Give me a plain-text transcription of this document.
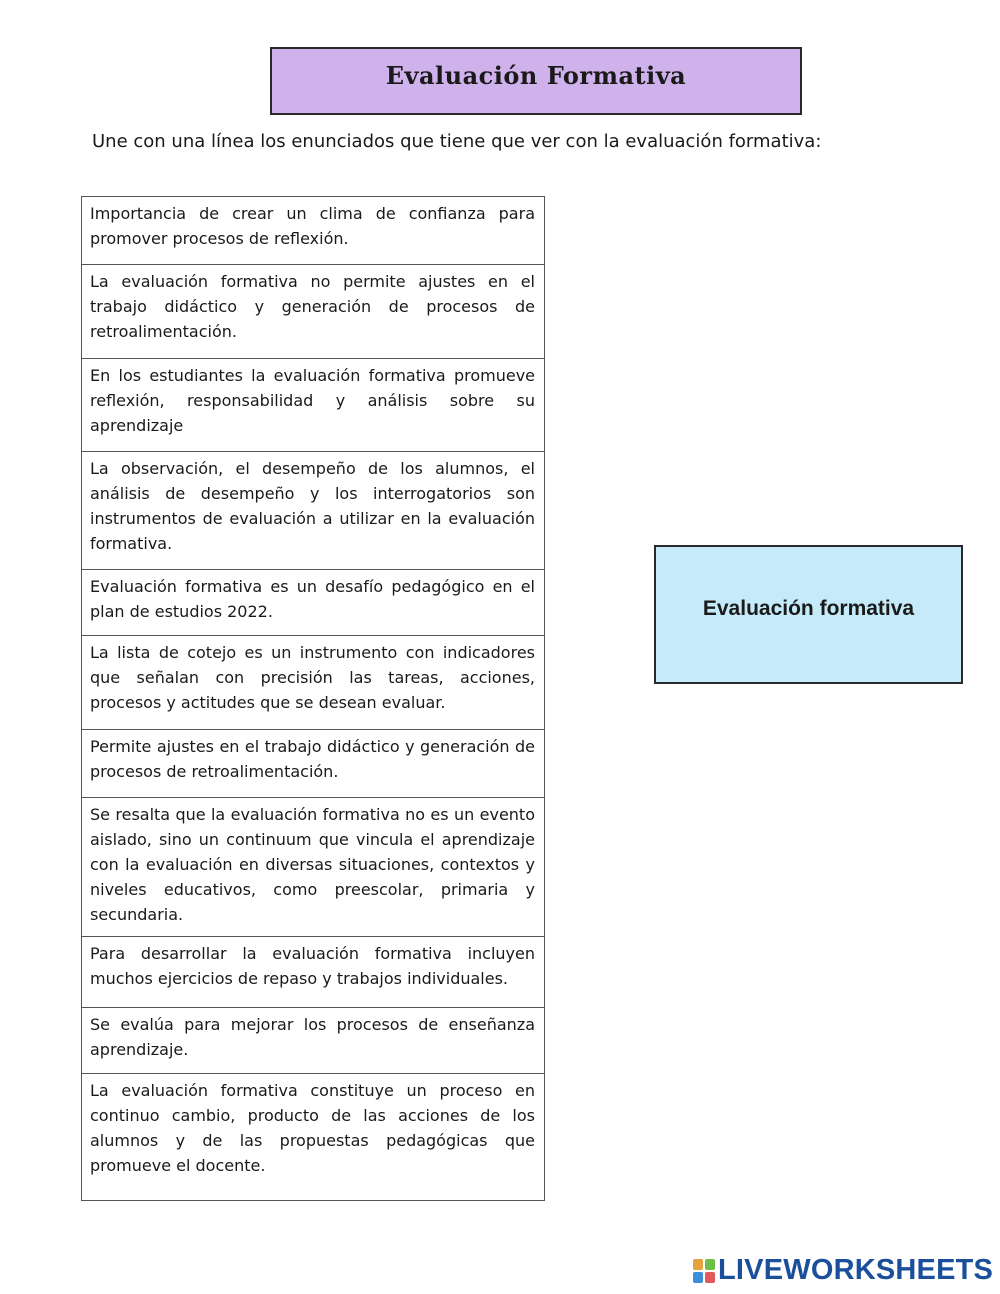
Evaluación Formativa
Une con una línea los enunciados que tiene que ver con la evaluación formativa:
Importancia de crear un clima de confianza para promover procesos de reflexión.
La evaluación formativa no permite ajustes en el trabajo didáctico y generación de procesos de retroalimentación.
En los estudiantes la evaluación formativa promueve reflexión, responsabilidad y análisis sobre su aprendizaje
La observación, el desempeño de los alumnos, el análisis de desempeño y los interrogatorios son instrumentos de evaluación a utilizar en la evaluación formativa.
Evaluación formativa es un desafío pedagógico en el plan de estudios 2022.
La lista de cotejo es un instrumento con indicadores que señalan con precisión las tareas, acciones, procesos y actitudes que se desean evaluar.
Permite ajustes en el trabajo didáctico y generación de procesos de retroalimentación.
Se resalta que la evaluación formativa no es un evento aislado, sino un continuum que vincula el aprendizaje con la evaluación en diversas situaciones, contextos y niveles educativos, como preescolar, primaria y secundaria.
Para desarrollar la evaluación formativa incluyen muchos ejercicios de repaso y trabajos individuales.
Se evalúa para mejorar los procesos de enseñanza aprendizaje.
La evaluación formativa constituye un proceso en continuo cambio, producto de las acciones de los alumnos y de las propuestas pedagógicas que promueve el docente.
Evaluación formativa
LIVEWORKSHEETS
